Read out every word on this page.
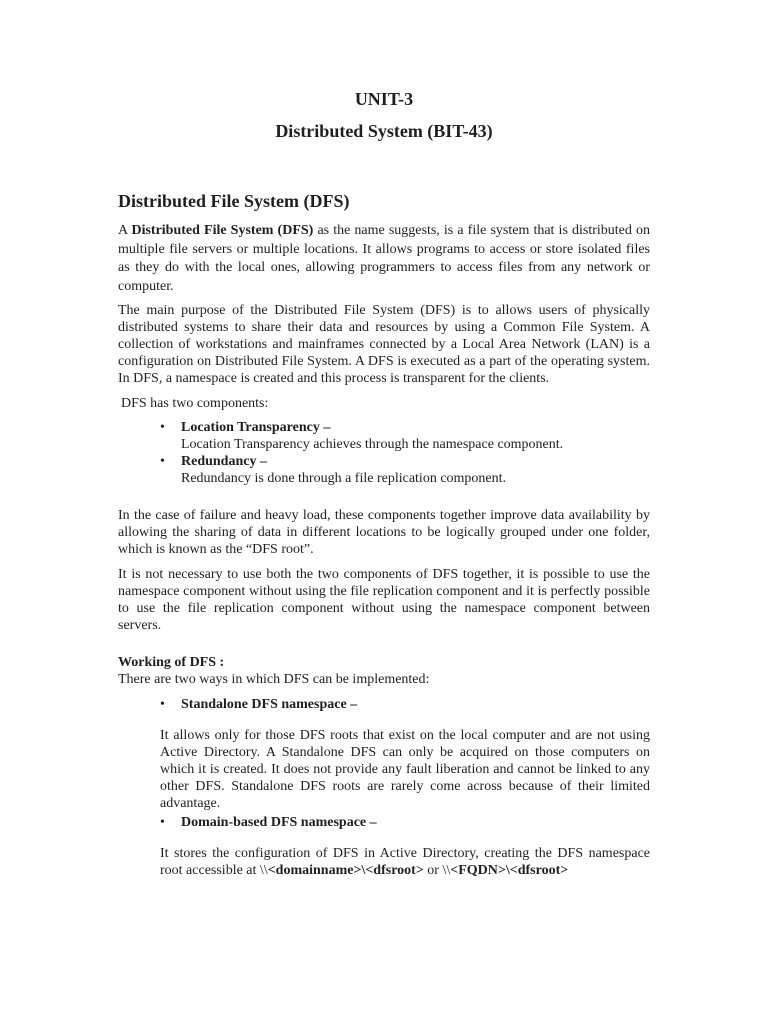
UNIT-3
Distributed System (BIT-43)
Distributed File System (DFS)

A Distributed File System (DFS) as the name suggests, is a file system that is distributed on multiple file servers or multiple locations. It allows programs to access or store isolated files as they do with the local ones, allowing programmers to access files from any network or computer.

The main purpose of the Distributed File System (DFS) is to allows users of physically distributed systems to share their data and resources by using a Common File System. A collection of workstations and mainframes connected by a Local Area Network (LAN) is a configuration on Distributed File System. A DFS is executed as a part of the operating system. In DFS, a namespace is created and this process is transparent for the clients.

DFS has two components:
• Location Transparency –
Location Transparency achieves through the namespace component.
• Redundancy –
Redundancy is done through a file replication component.

In the case of failure and heavy load, these components together improve data availability by allowing the sharing of data in different locations to be logically grouped under one folder, which is known as the “DFS root”.

It is not necessary to use both the two components of DFS together, it is possible to use the namespace component without using the file replication component and it is perfectly possible to use the file replication component without using the namespace component between servers.

Working of DFS :
There are two ways in which DFS can be implemented:
• Standalone DFS namespace –
It allows only for those DFS roots that exist on the local computer and are not using Active Directory. A Standalone DFS can only be acquired on those computers on which it is created. It does not provide any fault liberation and cannot be linked to any other DFS. Standalone DFS roots are rarely come across because of their limited advantage.
• Domain-based DFS namespace –
It stores the configuration of DFS in Active Directory, creating the DFS namespace root accessible at \\<domainname>\<dfsroot> or \\<FQDN>\<dfsroot>
